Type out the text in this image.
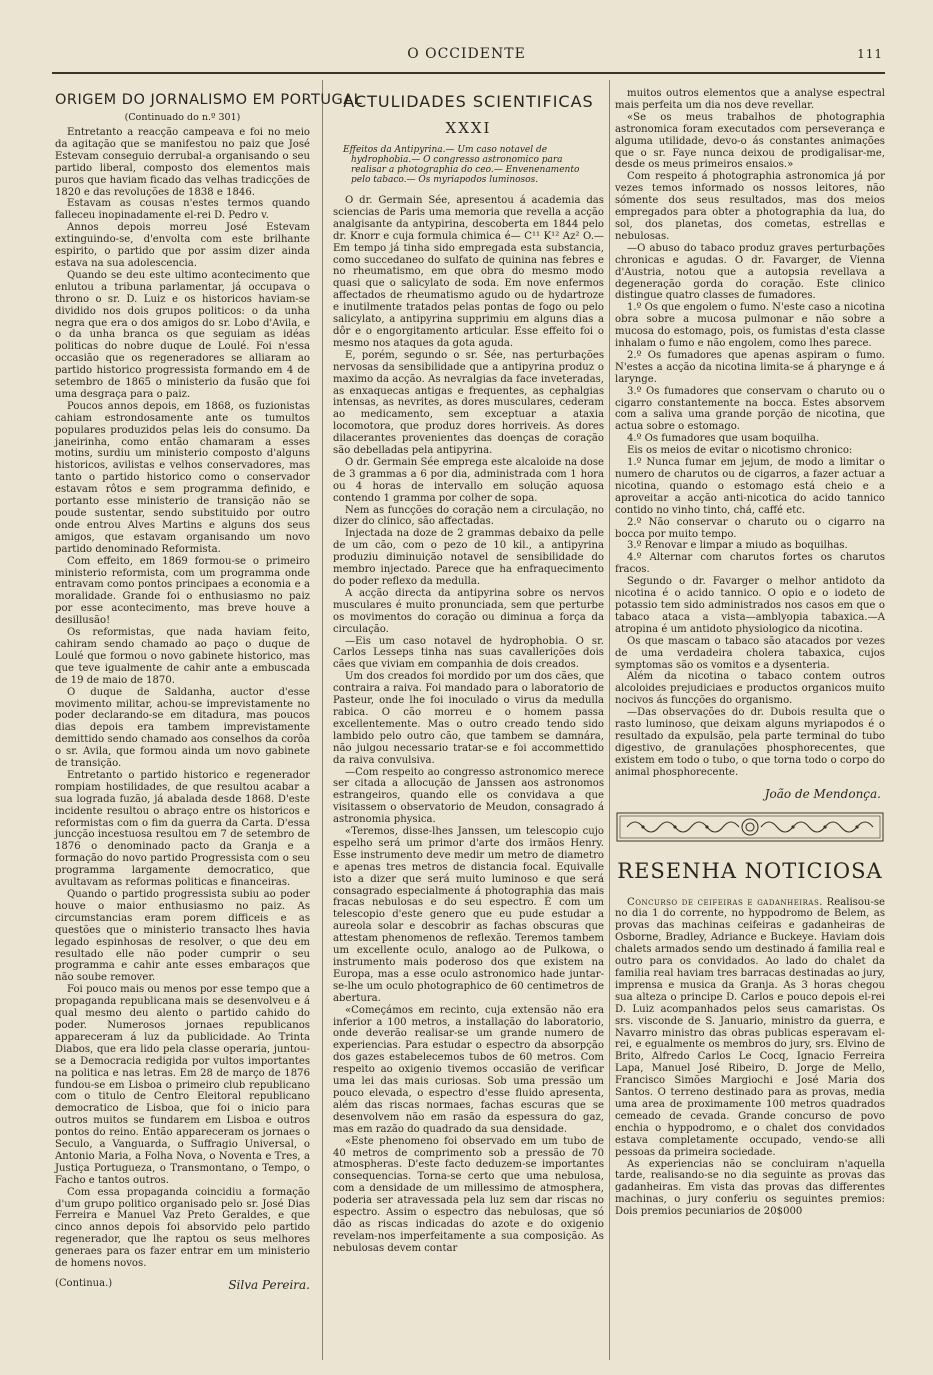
O OCCIDENTE	111
ORIGEM DO JORNALISMO EM PORTUGAL
(Continuado do n.º 301)

Entretanto a reacção campeava e foi no meio da agitação que se manifestou no paiz que José Estevam conseguio derrubal-a organisando o seu partido liberal, composto dos elementos mais puros que haviam ficado das velhas tradicções de 1820 e das revoluções de 1838 e 1846.

Estavam as cousas n'estes termos quando falleceu inopinadamente el-rei D. Pedro v.

Annos depois morreu José Estevam extinguindo-se, d'envolta com este brilhante espirito, o partido que por assim dizer ainda estava na sua adolescencia.

Quando se deu este ultimo acontecimento que enlutou a tribuna parlamentar, já occupava o throno o sr. D. Luiz e os historicos haviam-se dividido nos dois grupos politicos: o da unha negra que era o dos amigos do sr. Lobo d'Avila, e o da unha branca os que seguiam as idéas politicas do nobre duque de Loulé. Foi n'essa occasião que os regeneradores se alliaram ao partido historico progressista formando em 4 de setembro de 1865 o ministerio da fusão que foi uma desgraça para o paiz.

Poucos annos depois, em 1868, os fuzionistas cahiam estrondosamente ante os tumultos populares produzidos pelas leis do consumo. Da janeirinha, como então chamaram a esses motins, surdiu um ministerio composto d'alguns historicos, avilistas e velhos conservadores, mas tanto o partido historico como o conservador estavam rôtos e sem programma definido, e portanto esse ministerio de transição não se poude sustentar, sendo substituido por outro onde entrou Alves Martins e alguns dos seus amigos, que estavam organisando um novo partido denominado Reformista.

Com effeito, em 1869 formou-se o primeiro ministerio reformista, com um programma onde entravam como pontos principaes a economia e a moralidade. Grande foi o enthusiasmo no paiz por esse acontecimento, mas breve houve a desillusão!

Os reformistas, que nada haviam feito, cahiram sendo chamado ao paço o duque de Loulé que formou o novo gabinete historico, mas que teve igualmente de cahir ante a embuscada de 19 de maio de 1870.

O duque de Saldanha, auctor d'esse movimento militar, achou-se imprevistamente no poder declarando-se em ditadura, mas poucos dias depois era tambem imprevistamente demittido sendo chamado aos conselhos da corôa o sr. Avila, que formou ainda um novo gabinete de transição.

Entretanto o partido historico e regenerador rompiam hostilidades, de que resultou acabar a sua lograda fuzão, já abalada desde 1868. D'este incidente resultou o abraço entre os historicos e reformistas com o fim da guerra da Carta. D'essa juncção incestuosa resultou em 7 de setembro de 1876 o denominado pacto da Granja e a formação do novo partido Progressista com o seu programma largamente democratico, que avultavam as reformas politicas e financeiras.

Quando o partido progressista subiu ao poder houve o maior enthusiasmo no paiz. As circumstancias eram porem difficeis e as questões que o ministerio transacto lhes havia legado espinhosas de resolver, o que deu em resultado elle não poder cumprir o seu programma e cahir ante esses embaraços que não soube remover.

Foi pouco mais ou menos por esse tempo que a propaganda republicana mais se desenvolveu e á qual mesmo deu alento o partido cahido do poder. Numerosos jornaes republicanos appareceram á luz da publicidade. Ao Trinta Diabos, que era lido pela classe operaria, juntou-se a Democracia redigida por vultos importantes na politica e nas letras. Em 28 de março de 1876 fundou-se em Lisboa o primeiro club republicano com o titulo de Centro Eleitoral republicano democratico de Lisboa, que foi o inicio para outros muitos se fundarem em Lisboa e outros pontos do reino. Então appareceram os jornaes o Seculo, a Vanguarda, o Suffragio Universal, o Antonio Maria, a Folha Nova, o Noventa e Tres, a Justiça Portugueza, o Transmontano, o Tempo, o Facho e tantos outros.

Com essa propaganda coincidiu a formação d'um grupo politico organisado pelo sr. José Dias Ferreira e Manuel Vaz Preto Geraldes, e que cinco annos depois foi absorvido pelo partido regenerador, que lhe raptou os seus melhores generaes para os fazer entrar em um ministerio de homens novos.

(Continua.)	Silva Pereira.
ACTULIDADES SCIENTIFICAS
XXXI
Effeitos da Antipyrina.— Um caso notavel de hydrophobia.— O congresso astronomico para realisar a photographia do ceo.— Envenenamento pelo tabaco.— Os myriapodos luminosos.

O dr. Germain Sée, apresentou á academia das sciencias de Paris uma memoria que revella a acção analgisante da antypirina, descoberta em 1844 pelo dr. Knorr e cuja formula chimica é— C¹¹ K¹² Az² O.—Em tempo já tinha sido empregada esta substancia, como succedaneo do sulfato de quinina nas febres e no rheumatismo, em que obra do mesmo modo quasi que o salicylato de soda. Em nove enfermos affectados de rheumatismo agudo ou de hydartroze e inutilmente tratados pelas pontas de fogo ou pelo salicylato, a antipyrina supprimiu em alguns dias a dôr e o engorgitamento articular. Esse effeito foi o mesmo nos ataques da gota aguda.

E, porém, segundo o sr. Sée, nas perturbações nervosas da sensibilidade que a antipyrina produz o maximo da acção. As nevralgias da face inveteradas, as enxaquecas antigas e frequentes, as cephalgias intensas, as nevrites, as dores musculares, cederam ao medicamento, sem exceptuar a ataxia locomotora, que produz dores horriveis. As dores dilacerantes provenientes das doenças de coração são debelladas pela antipyrina.

O dr. Germain Sée emprega este alcaloide na dose de 3 grammas a 6 por dia, administrada com 1 hora ou 4 horas de intervallo em solução aquosa contendo 1 gramma por colher de sopa.

Nem as funcções do coração nem a circulação, no dizer do clinico, são affectadas.

Injectada na doze de 2 grammas debaixo da pelle de um cão, com o pezo de 10 kil., a antipyrina produziu diminuição notavel de sensibilidade do membro injectado. Parece que ha enfraquecimento do poder reflexo da medulla.

A acção directa da antipyrina sobre os nervos musculares é muito pronunciada, sem que perturbe os movimentos do coração ou diminua a força da circulação.

—Eis um caso notavel de hydrophobia. O sr. Carlos Lesseps tinha nas suas cavallerições dois cães que viviam em companhia de dois creados.

Um dos creados foi mordido por um dos cães, que contraira a raiva. Foi mandado para o laboratorio de Pasteur, onde lhe foi inoculado o virus da medulla rabica. O cão morreu e o homem passa excellentemente. Mas o outro creado tendo sido lambido pelo outro cão, que tambem se damnára, não julgou necessario tratar-se e foi accommettido da raiva convulsiva.

—Com respeito ao congresso astronomico merece ser citada a allocução de Janssen aos astronomos estrangeiros, quando elle os convidava a que visitassem o observatorio de Meudon, consagrado á astronomia physica.

«Teremos, disse-lhes Janssen, um telescopio cujo espelho será um primor d'arte dos irmãos Henry. Esse instrumento deve medir um metro de diametro e apenas tres metros de distancia focal. Equivalle isto a dizer que será muito luminoso e que será consagrado especialmente á photographia das mais fracas nebulosas e do seu espectro. É com um telescopio d'este genero que eu pude estudar a aureola solar e descobrir as fachas obscuras que attestam phenomenos de reflexão. Teremos tambem um excellente oculo, analogo ao de Pulkowa, o instrumento mais poderoso dos que existem na Europa, mas a esse oculo astronomico hade juntar-se-lhe um oculo photographico de 60 centimetros de abertura.

«Começámos em recinto, cuja extensão não era inferior a 100 metros, a installação do laboratorio, onde deverão realisar-se um grande numero de experiencias. Para estudar o espectro da absorpção dos gazes estabelecemos tubos de 60 metros. Com respeito ao oxigenio tivemos occasião de verificar uma lei das mais curiosas. Sob uma pressão um pouco elevada, o espectro d'esse fluido apresenta, além das riscas normaes, fachas escuras que se desenvolvem não em rasão da espessura do gaz, mas em razão do quadrado da sua densidade.

«Este phenomeno foi observado em um tubo de 40 metros de comprimento sob a pressão de 70 atmospheras. D'este facto deduzem-se importantes consequencias. Torna-se certo que uma nebulosa, com a densidade de um millessimo de atmosphera, poderia ser atravessada pela luz sem dar riscas no espectro. Assim o espectro das nebulosas, que só dão as riscas indicadas do azote e do oxigenio revelam-nos imperfeitamente a sua composição. As nebulosas devem contar

muitos outros elementos que a analyse espectral mais perfeita um dia nos deve revellar.

«Se os meus trabalhos de photographia astronomica foram executados com perseverança e alguma utilidade, devo-o ás constantes animações que o sr. Faye nunca deixou de prodigalisar-me, desde os meus primeiros ensaios.»

Com respeito á photographia astronomica já por vezes temos informado os nossos leitores, não sómente dos seus resultados, mas dos meios empregados para obter a photographia da lua, do sol, dos planetas, dos cometas, estrellas e nebulosas.

—O abuso do tabaco produz graves perturbações chronicas e agudas. O dr. Favarger, de Vienna d'Austria, notou que a autopsia revellava a degeneração gorda do coração. Este clinico distingue quatro classes de fumadores.

1.º Os que engolem o fumo. N'este caso a nicotina obra sobre a mucosa pulmonar e não sobre a mucosa do estomago, pois, os fumistas d'esta classe inhalam o fumo e não engolem, como lhes parece.

2.º Os fumadores que apenas aspiram o fumo. N'estes a acção da nicotina limita-se á pharynge e á larynge.

3.º Os fumadores que conservam o charuto ou o cigarro constantemente na bocca. Estes absorvem com a saliva uma grande porção de nicotina, que actua sobre o estomago.

4.º Os fumadores que usam boquilha.

Eis os meios de evitar o nicotismo chronico:

1.º Nunca fumar em jejum, de modo a limitar o numero de charutos ou de cigarros, a fazer actuar a nicotina, quando o estomago está cheio e a aproveitar a acção anti-nicotica do acido tannico contido no vinho tinto, chá, caffé etc.

2.º Não conservar o charuto ou o cigarro na bocca por muito tempo.

3.º Renovar e limpar a miudo as boquilhas.

4.º Alternar com charutos fortes os charutos fracos.

Segundo o dr. Favarger o melhor antidoto da nicotina é o acido tannico. O opio e o iodeto de potassio tem sido administrados nos casos em que o tabaco ataca a vista—amblyopia tabaxica.—A atropina é um antidoto physiologico da nicotina.

Os que mascam o tabaco são atacados por vezes de uma verdadeira cholera tabaxica, cujos symptomas são os vomitos e a dysenteria.

Além da nicotina o tabaco contem outros alcoloides prejudiciaes e productos organicos muito nocivos ás funcções do organismo.

—Das observações do dr. Dubois resulta que o rasto luminoso, que deixam alguns myriapodos é o resultado da expulsão, pela parte terminal do tubo digestivo, de granulações phosphorecentes, que existem em todo o tubo, o que torna todo o corpo do animal phosphorecente.

João de Mendonça.
RESENHA NOTICIOSA

Concurso de ceifeiras e gadanheiras. Realisou-se no dia 1 do corrente, no hyppodromo de Belem, as provas das machinas ceifeiras e gadanheiras de Osborne, Bradley, Adriance e Buckeye. Haviam dois chalets armados sendo um destinado á familia real e outro para os convidados. Ao lado do chalet da familia real haviam tres barracas destinadas ao jury, imprensa e musica da Granja. As 3 horas chegou sua alteza o principe D. Carlos e pouco depois el-rei D. Luiz acompanhados pelos seus camaristas. Os srs. visconde de S. Januario, ministro da guerra, e Navarro ministro das obras publicas esperavam el-rei, e egualmente os membros do jury, srs. Elvino de Brito, Alfredo Carlos Le Cocq, Ignacio Ferreira Lapa, Manuel José Ribeiro, D. Jorge de Mello, Francisco Simões Margiochi e José Maria dos Santos. O terreno destinado para as provas, media uma area de proximamente 100 metros quadrados cemeado de cevada. Grande concurso de povo enchia o hyppodromo, e o chalet dos convidados estava completamente occupado, vendo-se alli pessoas da primeira sociedade.

As experiencias não se concluiram n'aquella tarde, realisando-se no dia seguinte as provas das gadanheiras. Em vista das provas das differentes machinas, o jury conferiu os seguintes premios: Dois premios pecuniarios de 20$000
